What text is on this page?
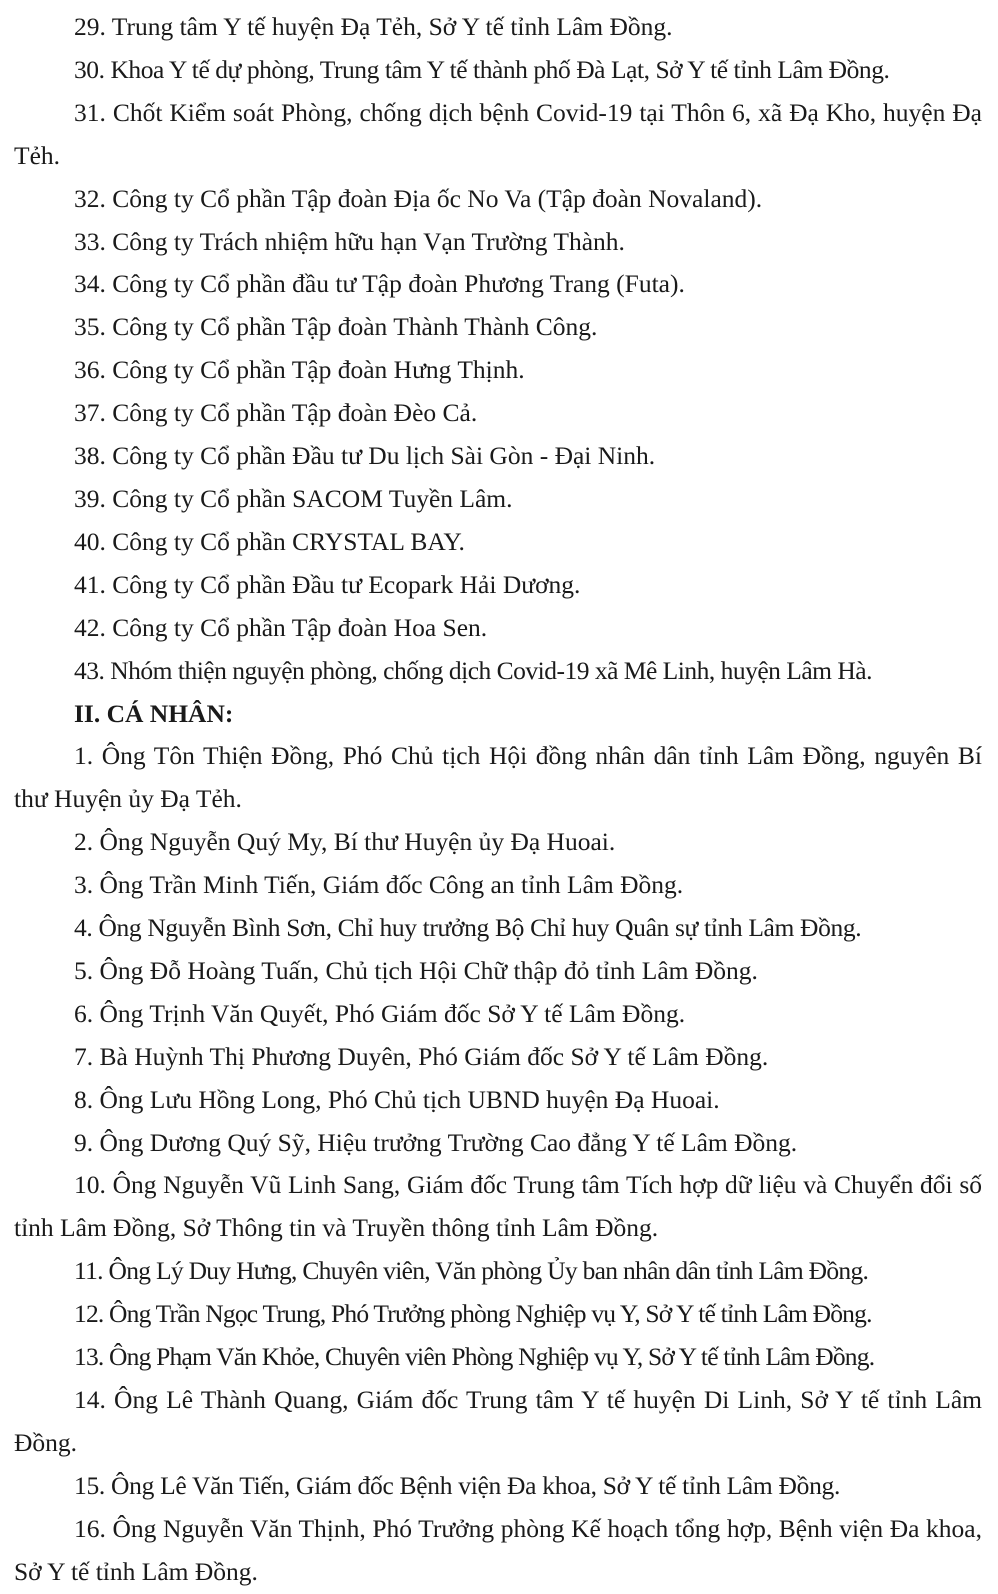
29. Trung tâm Y tế huyện Đạ Tẻh, Sở Y tế tỉnh Lâm Đồng.

30. Khoa Y tế dự phòng, Trung tâm Y tế thành phố Đà Lạt, Sở Y tế tỉnh Lâm Đồng.

31. Chốt Kiểm soát Phòng, chống dịch bệnh Covid-19 tại Thôn 6, xã Đạ Kho, huyện Đạ Tẻh.

32. Công ty Cổ phần Tập đoàn Địa ốc No Va (Tập đoàn Novaland).

33. Công ty Trách nhiệm hữu hạn Vạn Trường Thành.

34. Công ty Cổ phần đầu tư Tập đoàn Phương Trang (Futa).

35. Công ty Cổ phần Tập đoàn Thành Thành Công.

36. Công ty Cổ phần Tập đoàn Hưng Thịnh.

37. Công ty Cổ phần Tập đoàn Đèo Cả.

38. Công ty Cổ phần Đầu tư Du lịch Sài Gòn - Đại Ninh.

39. Công ty Cổ phần SACOM Tuyền Lâm.

40. Công ty Cổ phần CRYSTAL BAY.

41. Công ty Cổ phần Đầu tư Ecopark Hải Dương.

42. Công ty Cổ phần Tập đoàn Hoa Sen.

43. Nhóm thiện nguyện phòng, chống dịch Covid-19 xã Mê Linh, huyện Lâm Hà.

II. CÁ NHÂN:

1. Ông Tôn Thiện Đồng, Phó Chủ tịch Hội đồng nhân dân tỉnh Lâm Đồng, nguyên Bí thư Huyện ủy Đạ Tẻh.

2. Ông Nguyễn Quý My, Bí thư Huyện ủy Đạ Huoai.

3. Ông Trần Minh Tiến, Giám đốc Công an tỉnh Lâm Đồng.

4. Ông Nguyễn Bình Sơn, Chỉ huy trưởng Bộ Chỉ huy Quân sự tỉnh Lâm Đồng.

5. Ông Đỗ Hoàng Tuấn, Chủ tịch Hội Chữ thập đỏ tỉnh Lâm Đồng.

6. Ông Trịnh Văn Quyết, Phó Giám đốc Sở Y tế Lâm Đồng.

7. Bà Huỳnh Thị Phương Duyên, Phó Giám đốc Sở Y tế Lâm Đồng.

8. Ông Lưu Hồng Long, Phó Chủ tịch UBND huyện Đạ Huoai.

9. Ông Dương Quý Sỹ, Hiệu trưởng Trường Cao đẳng Y tế Lâm Đồng.

10. Ông Nguyễn Vũ Linh Sang, Giám đốc Trung tâm Tích hợp dữ liệu và Chuyển đổi số tỉnh Lâm Đồng, Sở Thông tin và Truyền thông tỉnh Lâm Đồng.

11. Ông Lý Duy Hưng, Chuyên viên, Văn phòng Ủy ban nhân dân tỉnh Lâm Đồng.

12. Ông Trần Ngọc Trung, Phó Trưởng phòng Nghiệp vụ Y, Sở Y tế tỉnh Lâm Đồng.

13. Ông Phạm Văn Khỏe, Chuyên viên Phòng Nghiệp vụ Y, Sở Y tế tỉnh Lâm Đồng.

14. Ông Lê Thành Quang, Giám đốc Trung tâm Y tế huyện Di Linh, Sở Y tế tỉnh Lâm Đồng.

15. Ông Lê Văn Tiến, Giám đốc Bệnh viện Đa khoa, Sở Y tế tỉnh Lâm Đồng.

16. Ông Nguyễn Văn Thịnh, Phó Trưởng phòng Kế hoạch tổng hợp, Bệnh viện Đa khoa, Sở Y tế tỉnh Lâm Đồng.
